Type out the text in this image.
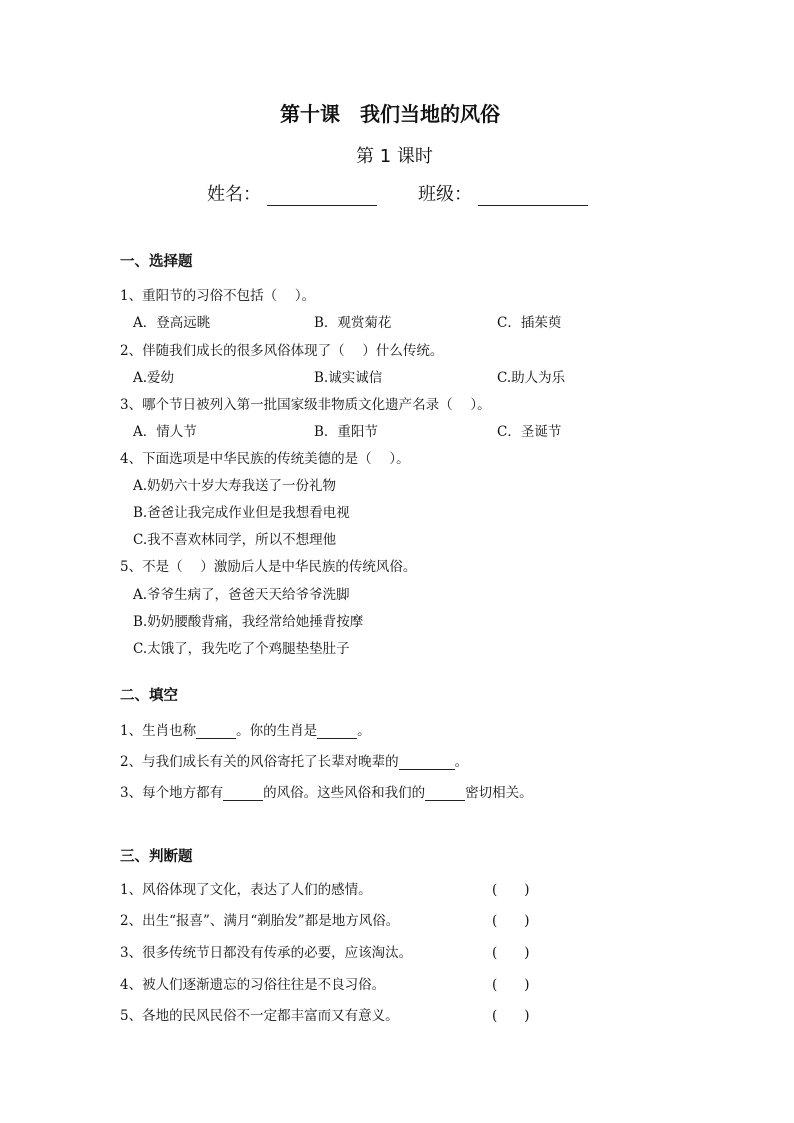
第十课　我们当地的风俗
第 1 课时
姓名：	班级：
一、选择题
1、重阳节的习俗不包括（　 ）。
A．登高远眺	B．观赏菊花	C．插茱萸
2、伴随我们成长的很多风俗体现了（　 ）什么传统。
A.爱幼	B.诚实诚信	C.助人为乐
3、哪个节日被列入第一批国家级非物质文化遗产名录（　 ）。
A．情人节	B．重阳节	C．圣诞节
4、下面选项是中华民族的传统美德的是（　 ）。
A.奶奶六十岁大寿我送了一份礼物
B.爸爸让我完成作业但是我想看电视
C.我不喜欢林同学，所以不想理他
5、不是（　 ）激励后人是中华民族的传统风俗。
A.爷爷生病了，爸爸天天给爷爷洗脚
B.奶奶腰酸背痛，我经常给她捶背按摩
C.太饿了，我先吃了个鸡腿垫垫肚子
二、填空
1、生肖也称	。你的生肖是	。
2、与我们成长有关的风俗寄托了长辈对晚辈的	。
3、每个地方都有	的风俗。这些风俗和我们的	密切相关。
三、判断题
1、风俗体现了文化，表达了人们的感情。	(　　)
2、出生“报喜”、满月“剃胎发”都是地方风俗。	(　　)
3、很多传统节日都没有传承的必要，应该淘汰。	(　　)
4、被人们逐渐遗忘的习俗往往是不良习俗。	(　　)
5、各地的民风民俗不一定都丰富而又有意义。	(　　)
